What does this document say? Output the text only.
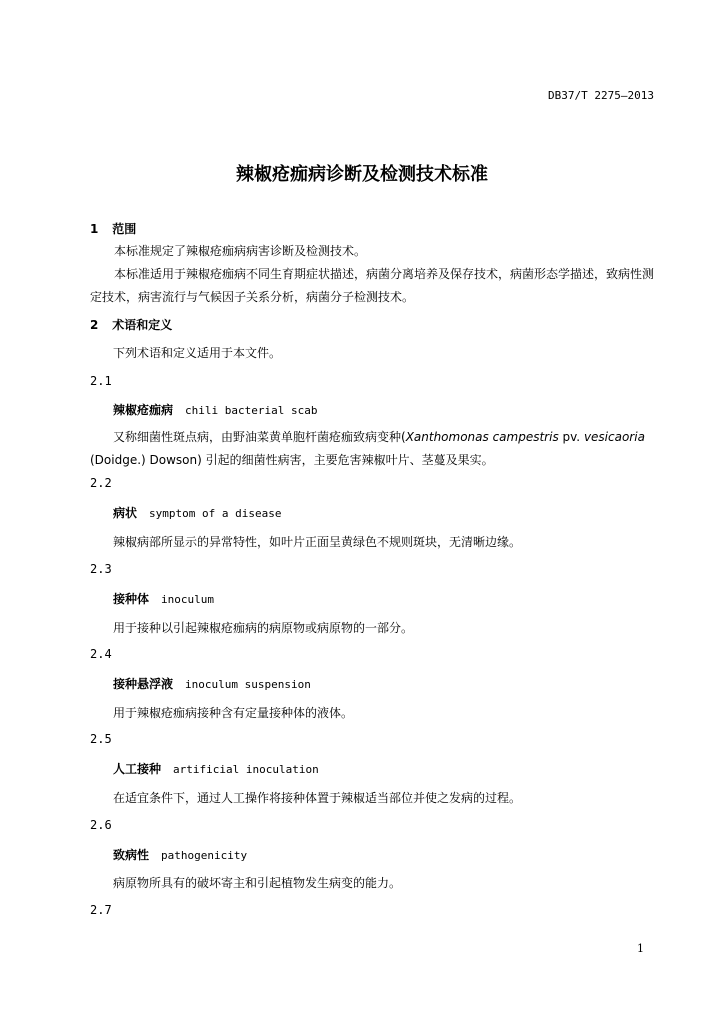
DB37/T 2275—2013
辣椒疮痂病诊断及检测技术标准
1 范围
本标准规定了辣椒疮痂病病害诊断及检测技术。
本标准适用于辣椒疮痂病不同生育期症状描述，病菌分离培养及保存技术，病菌形态学描述，致病性测定技术，病害流行与气候因子关系分析，病菌分子检测技术。
2 术语和定义
下列术语和定义适用于本文件。
2.1
辣椒疮痂病 chili bacterial scab
又称细菌性斑点病，由野油菜黄单胞杆菌疮痂致病变种(Xanthomonas campestris pv. vesicaoria (Doidge.) Dowson) 引起的细菌性病害，主要危害辣椒叶片、茎蔓及果实。
2.2
病状 symptom of a disease
辣椒病部所显示的异常特性，如叶片正面呈黄绿色不规则斑块，无清晰边缘。
2.3
接种体 inoculum
用于接种以引起辣椒疮痂病的病原物或病原物的一部分。
2.4
接种悬浮液 inoculum suspension
用于辣椒疮痂病接种含有定量接种体的液体。
2.5
人工接种 artificial inoculation
在适宜条件下，通过人工操作将接种体置于辣椒适当部位并使之发病的过程。
2.6
致病性 pathogenicity
病原物所具有的破坏寄主和引起植物发生病变的能力。
2.7
1
